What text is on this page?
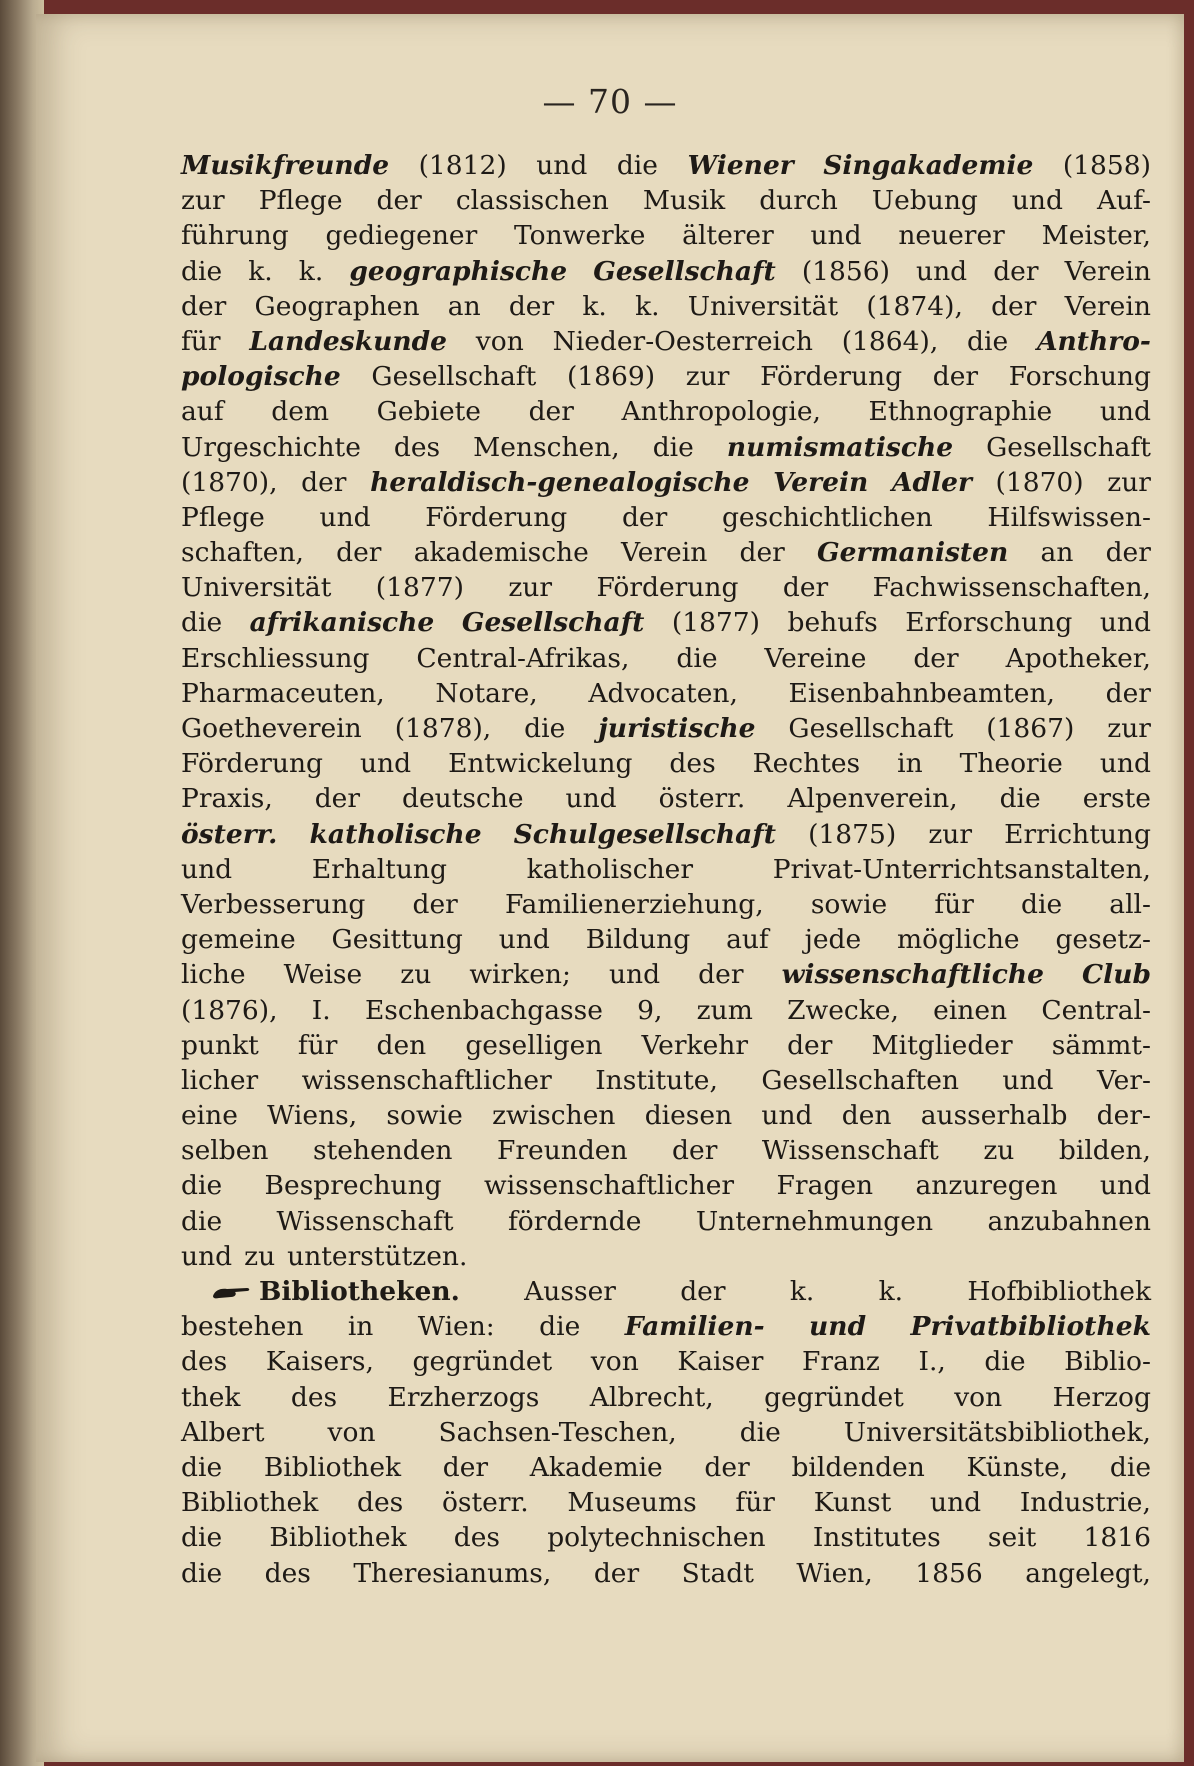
— 70 —
Musikfreunde (1812) und die Wiener Singakademie (1858)
zur Pflege der classischen Musik durch Uebung und Auf-
führung gediegener Tonwerke älterer und neuerer Meister,
die k. k. geographische Gesellschaft (1856) und der Verein
der Geographen an der k. k. Universität (1874), der Verein
für Landeskunde von Nieder-Oesterreich (1864), die Anthro-
pologische Gesellschaft (1869) zur Förderung der Forschung
auf dem Gebiete der Anthropologie, Ethnographie und
Urgeschichte des Menschen, die numismatische Gesellschaft
(1870), der heraldisch-genealogische Verein Adler (1870) zur
Pflege und Förderung der geschichtlichen Hilfswissen-
schaften, der akademische Verein der Germanisten an der
Universität (1877) zur Förderung der Fachwissenschaften,
die afrikanische Gesellschaft (1877) behufs Erforschung und
Erschliessung Central-Afrikas, die Vereine der Apotheker,
Pharmaceuten, Notare, Advocaten, Eisenbahnbeamten, der
Goetheverein (1878), die juristische Gesellschaft (1867) zur
Förderung und Entwickelung des Rechtes in Theorie und
Praxis, der deutsche und österr. Alpenverein, die erste
österr. katholische Schulgesellschaft (1875) zur Errichtung
und	Erhaltung	katholischer	Privat-Unterrichtsanstalten,
Verbesserung der Familienerziehung, sowie für die all-
gemeine Gesittung und Bildung auf jede mögliche gesetz-
liche Weise zu wirken; und der wissenschaftliche Club
(1876), I. Eschenbachgasse 9, zum Zwecke, einen Central-
punkt für den geselligen Verkehr der Mitglieder sämmt-
licher wissenschaftlicher Institute, Gesellschaften und Ver-
eine Wiens, sowie zwischen diesen und den ausserhalb der-
selben stehenden Freunden der Wissenschaft zu bilden,
die Besprechung wissenschaftlicher Fragen anzuregen und
die Wissenschaft fördernde Unternehmungen anzubahnen
und zu unterstützen.
Bibliotheken. Ausser der k. k. Hofbibliothek
bestehen in Wien: die Familien- und Privatbibliothek
des Kaisers, gegründet von Kaiser Franz I., die Biblio-
thek des Erzherzogs Albrecht, gegründet von Herzog
Albert von Sachsen-Teschen, die Universitätsbibliothek,
die Bibliothek der Akademie der bildenden Künste, die
Bibliothek des österr. Museums für Kunst und Industrie,
die Bibliothek des polytechnischen Institutes seit 1816
die des Theresianums, der Stadt Wien, 1856 angelegt,
